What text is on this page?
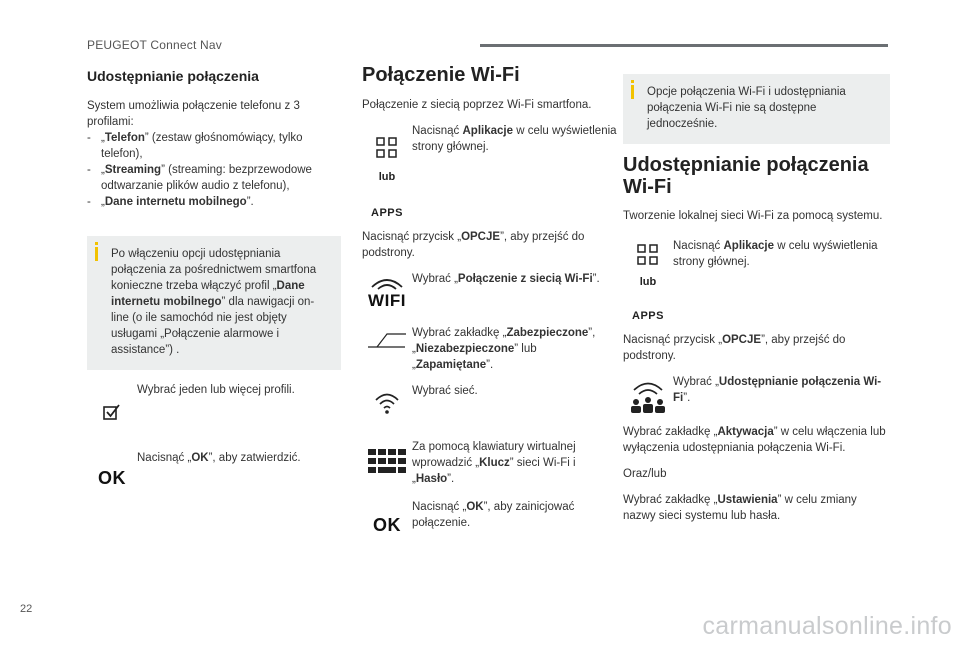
PEUGEOT Connect Nav
Udostępnianie połączenia

System umożliwia połączenie telefonu z 3 profilami:

- „Telefon” (zestaw głośnomówiący, tylko telefon),
- „Streaming” (streaming: bezprzewodowe odtwarzanie plików audio z telefonu),
- „Dane internetu mobilnego”.
Po włączeniu opcji udostępniania połączenia za pośrednictwem smartfona konieczne trzeba włączyć profil „Dane internetu mobilnego” dla nawigacji on-line (o ile samochód nie jest objęty usługami „Połączenie alarmowe i assistance”) .
Wybrać jeden lub więcej profili.
OK
Nacisnąć „OK”, aby zatwierdzić.
Połączenie Wi-Fi

Połączenie z siecią poprzez Wi-Fi smartfona.

lub
APPS
Nacisnąć Aplikacje w celu wyświetlenia strony głównej.

Nacisnąć przycisk „OPCJE”, aby przejść do podstrony.

WIFI
Wybrać „Połączenie z siecią Wi-Fi”.
Wybrać zakładkę „Zabezpieczone”, „Niezabezpieczone” lub „Zapamiętane”.
Wybrać sieć.
Za pomocą klawiatury wirtualnej wprowadzić „Klucz” sieci Wi-Fi i „Hasło”.
OK
Nacisnąć „OK”, aby zainicjować połączenie.
Opcje połączenia Wi-Fi i udostępniania połączenia Wi-Fi nie są dostępne jednocześnie.
Udostępnianie połączenia Wi-Fi

Tworzenie lokalnej sieci Wi-Fi za pomocą systemu.

lub
APPS
Nacisnąć Aplikacje w celu wyświetlenia strony głównej.

Nacisnąć przycisk „OPCJE”, aby przejść do podstrony.

Wybrać „Udostępnianie połączenia Wi-Fi”.

Wybrać zakładkę „Aktywacja” w celu włączenia lub wyłączenia udostępniania połączenia Wi-Fi.

Oraz/lub

Wybrać zakładkę „Ustawienia” w celu zmiany nazwy sieci systemu lub hasła.

22
carmanualsonline.info
